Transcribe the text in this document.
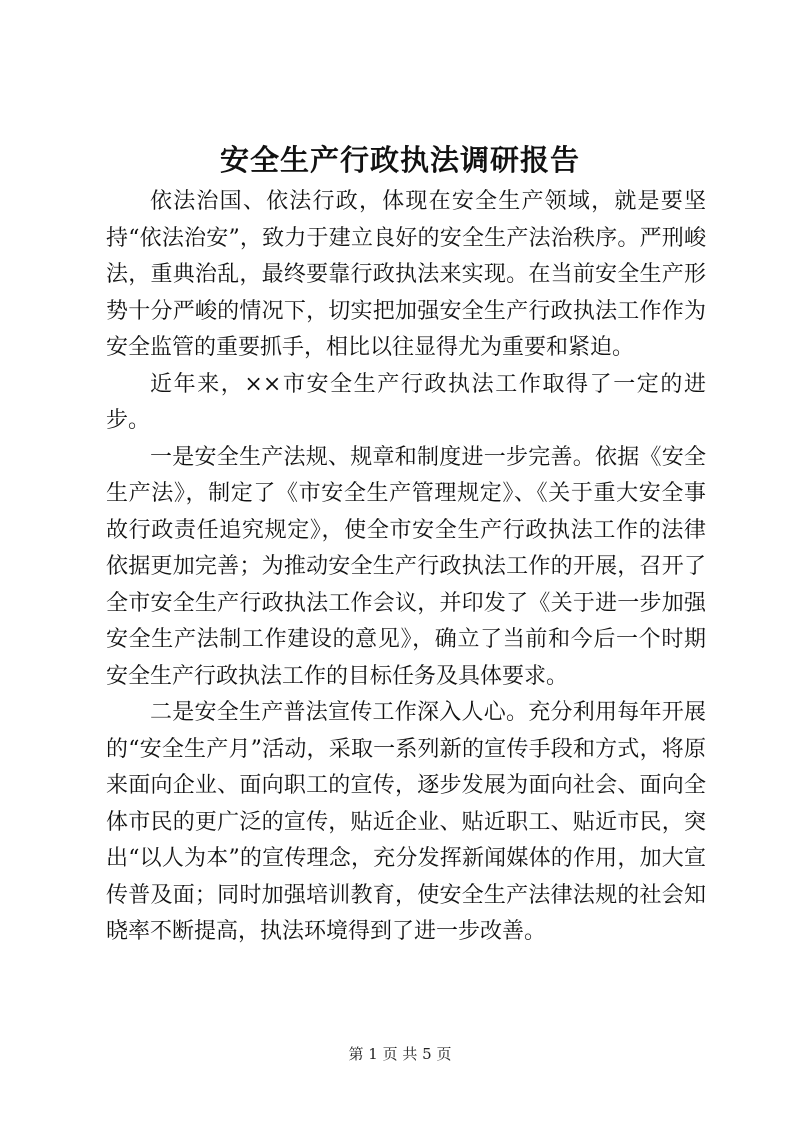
安全生产行政执法调研报告

依法治国、依法行政，体现在安全生产领域，就是要坚持“依法治安”，致力于建立良好的安全生产法治秩序。严刑峻法，重典治乱，最终要靠行政执法来实现。在当前安全生产形势十分严峻的情况下，切实把加强安全生产行政执法工作作为安全监管的重要抓手，相比以往显得尤为重要和紧迫。

近年来，××市安全生产行政执法工作取得了一定的进步。

一是安全生产法规、规章和制度进一步完善。依据《安全生产法》，制定了《市安全生产管理规定》、《关于重大安全事故行政责任追究规定》，使全市安全生产行政执法工作的法律依据更加完善；为推动安全生产行政执法工作的开展，召开了全市安全生产行政执法工作会议，并印发了《关于进一步加强安全生产法制工作建设的意见》，确立了当前和今后一个时期安全生产行政执法工作的目标任务及具体要求。

二是安全生产普法宣传工作深入人心。充分利用每年开展的“安全生产月”活动，采取一系列新的宣传手段和方式，将原来面向企业、面向职工的宣传，逐步发展为面向社会、面向全体市民的更广泛的宣传，贴近企业、贴近职工、贴近市民，突出“以人为本”的宣传理念，充分发挥新闻媒体的作用，加大宣传普及面；同时加强培训教育，使安全生产法律法规的社会知晓率不断提高，执法环境得到了进一步改善。

第 1 页 共 5 页
